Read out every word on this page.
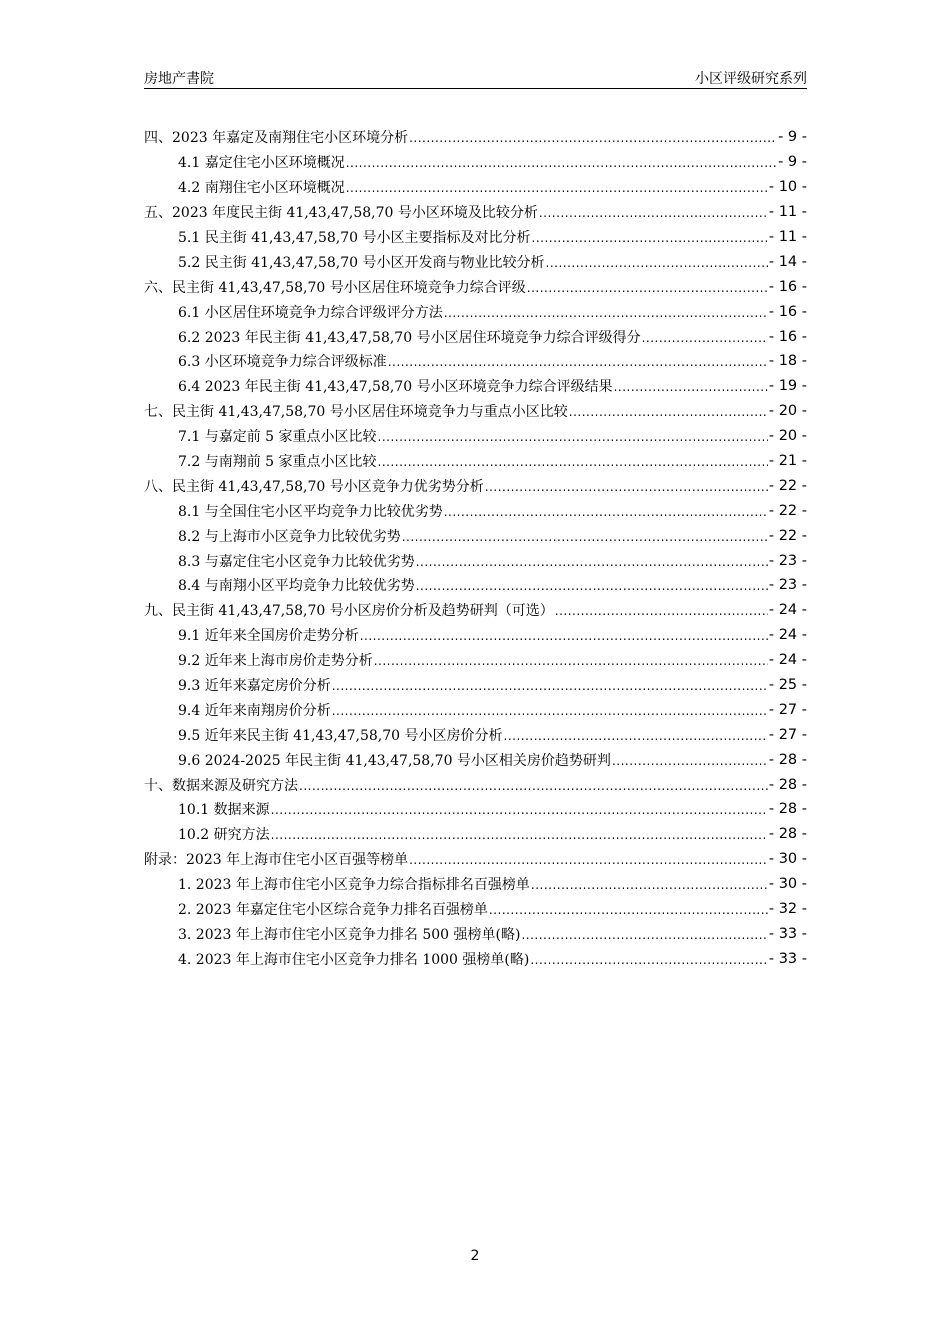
房地产書院	小区评级研究系列
四、2023 年嘉定及南翔住宅小区环境分析 .....	- 9 -
4.1 嘉定住宅小区环境概况 .....	- 9 -
4.2 南翔住宅小区环境概况 .....	- 10 -
五、2023 年度民主街 41,43,47,58,70 号小区环境及比较分析 .....	- 11 -
5.1 民主街 41,43,47,58,70 号小区主要指标及对比分析 .....	- 11 -
5.2 民主街 41,43,47,58,70 号小区开发商与物业比较分析 .....	- 14 -
六、民主街 41,43,47,58,70 号小区居住环境竞争力综合评级 .....	- 16 -
6.1 小区居住环境竞争力综合评级评分方法 .....	- 16 -
6.2 2023 年民主街 41,43,47,58,70 号小区居住环境竞争力综合评级得分 .....	- 16 -
6.3 小区环境竞争力综合评级标准 .....	- 18 -
6.4 2023 年民主街 41,43,47,58,70 号小区环境竞争力综合评级结果 .....	- 19 -
七、民主街 41,43,47,58,70 号小区居住环境竞争力与重点小区比较 .....	- 20 -
7.1 与嘉定前 5 家重点小区比较 .....	- 20 -
7.2 与南翔前 5 家重点小区比较 .....	- 21 -
八、民主街 41,43,47,58,70 号小区竞争力优劣势分析 .....	- 22 -
8.1 与全国住宅小区平均竞争力比较优劣势 .....	- 22 -
8.2 与上海市小区竞争力比较优劣势 .....	- 22 -
8.3 与嘉定住宅小区竞争力比较优劣势 .....	- 23 -
8.4 与南翔小区平均竞争力比较优劣势 .....	- 23 -
九、民主街 41,43,47,58,70 号小区房价分析及趋势研判（可选） .....	- 24 -
9.1 近年来全国房价走势分析 .....	- 24 -
9.2 近年来上海市房价走势分析 .....	- 24 -
9.3 近年来嘉定房价分析 .....	- 25 -
9.4 近年来南翔房价分析 .....	- 27 -
9.5 近年来民主街 41,43,47,58,70 号小区房价分析 .....	- 27 -
9.6 2024-2025 年民主街 41,43,47,58,70 号小区相关房价趋势研判 .....	- 28 -
十、数据来源及研究方法 .....	- 28 -
10.1 数据来源 .....	- 28 -
10.2 研究方法 .....	- 28 -
附录：2023 年上海市住宅小区百强等榜单 .....	- 30 -
1. 2023 年上海市住宅小区竞争力综合指标排名百强榜单 .....	- 30 -
2. 2023 年嘉定住宅小区综合竞争力排名百强榜单 .....	- 32 -
3. 2023 年上海市住宅小区竞争力排名 500 强榜单(略) .....	- 33 -
4. 2023 年上海市住宅小区竞争力排名 1000 强榜单(略) .....	- 33 -
2
